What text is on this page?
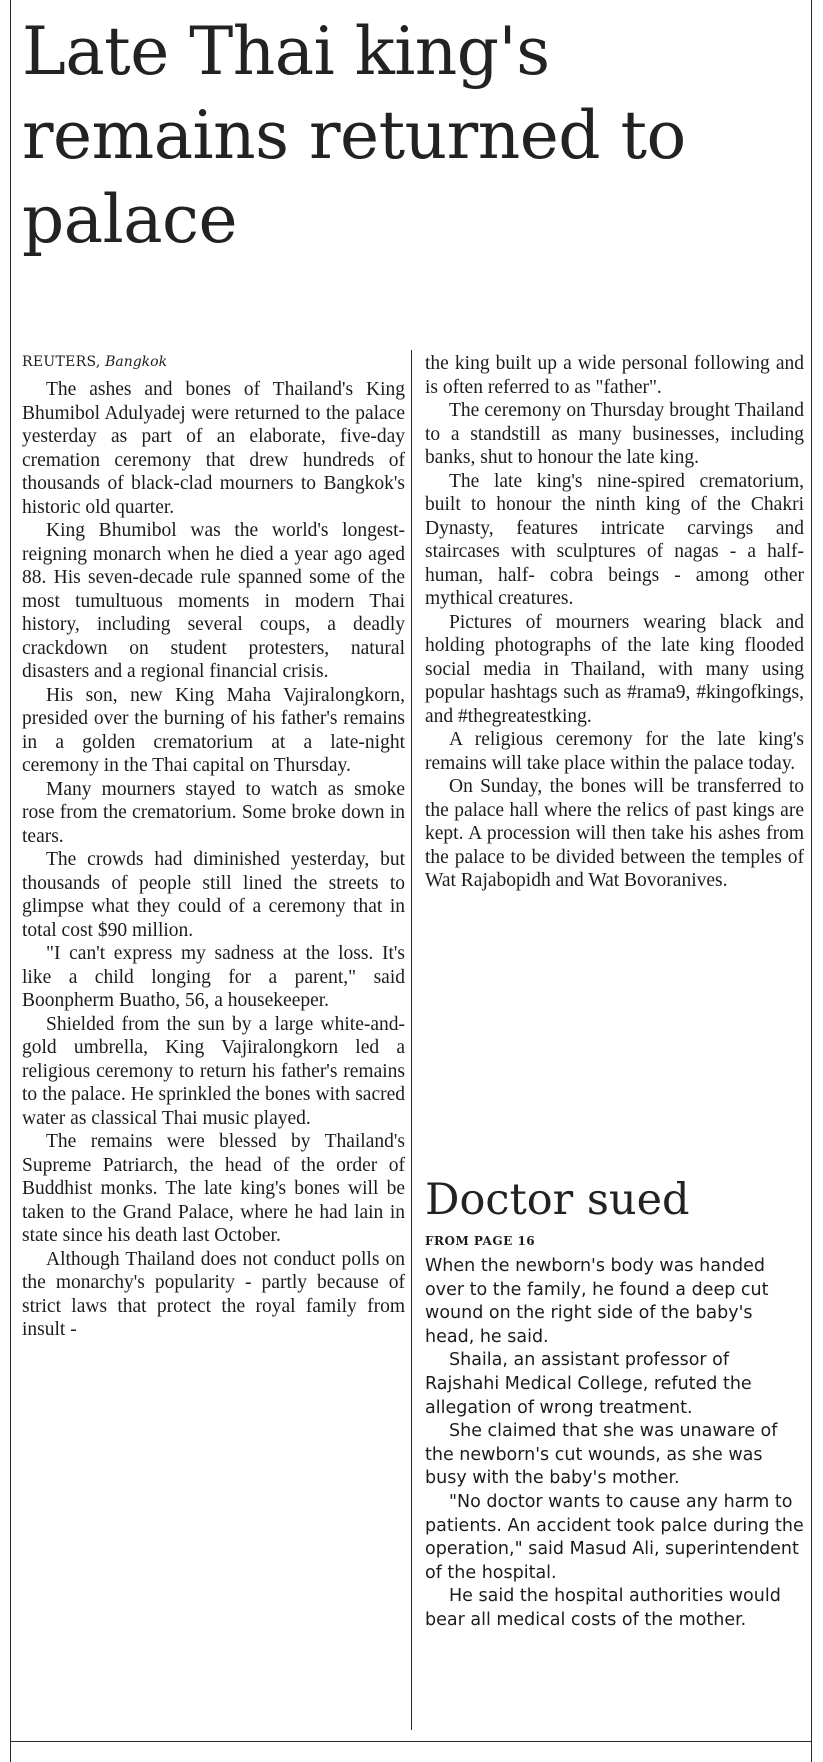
Late Thai king's remains returned to palace
REUTERS, Bangkok

The ashes and bones of Thailand's King Bhumibol Adulyadej were returned to the palace yesterday as part of an elaborate, five-day cremation ceremony that drew hundreds of thousands of black-clad mourners to Bangkok's historic old quarter.

King Bhumibol was the world's longest-reigning monarch when he died a year ago aged 88. His seven-decade rule spanned some of the most tumultuous moments in modern Thai history, including several coups, a deadly crackdown on student protesters, natural disasters and a regional financial crisis.

His son, new King Maha Vajiralongkorn, presided over the burning of his father's remains in a golden crematorium at a late-night ceremony in the Thai capital on Thursday.

Many mourners stayed to watch as smoke rose from the crematorium. Some broke down in tears.

The crowds had diminished yesterday, but thousands of people still lined the streets to glimpse what they could of a ceremony that in total cost $90 million.

"I can't express my sadness at the loss. It's like a child longing for a parent," said Boonpherm Buatho, 56, a housekeeper.

Shielded from the sun by a large white-and-gold umbrella, King Vajiralongkorn led a religious ceremony to return his father's remains to the palace. He sprinkled the bones with sacred water as classical Thai music played.

The remains were blessed by Thailand's Supreme Patriarch, the head of the order of Buddhist monks. The late king's bones will be taken to the Grand Palace, where he had lain in state since his death last October.

Although Thailand does not conduct polls on the monarchy's popularity - partly because of strict laws that protect the royal family from insult -

the king built up a wide personal following and is often referred to as "father".

The ceremony on Thursday brought Thailand to a standstill as many businesses, including banks, shut to honour the late king.

The late king's nine-spired crematorium, built to honour the ninth king of the Chakri Dynasty, features intricate carvings and staircases with sculptures of nagas - a half-human, half- cobra beings - among other mythical creatures.

Pictures of mourners wearing black and holding photographs of the late king flooded social media in Thailand, with many using popular hashtags such as #rama9, #kingofkings, and #thegreatestking.

A religious ceremony for the late king's remains will take place within the palace today.

On Sunday, the bones will be transferred to the palace hall where the relics of past kings are kept. A procession will then take his ashes from the palace to be divided between the temples of Wat Rajabopidh and Wat Bovoranives.

Doctor sued
FROM PAGE 16

When the newborn's body was handed over to the family, he found a deep cut wound on the right side of the baby's head, he said.

Shaila, an assistant professor of Rajshahi Medical College, refuted the allegation of wrong treatment.

She claimed that she was unaware of the newborn's cut wounds, as she was busy with the baby's mother.

"No doctor wants to cause any harm to patients. An accident took palce during the operation," said Masud Ali, superintendent of the hospital.

He said the hospital authorities would bear all medical costs of the mother.
